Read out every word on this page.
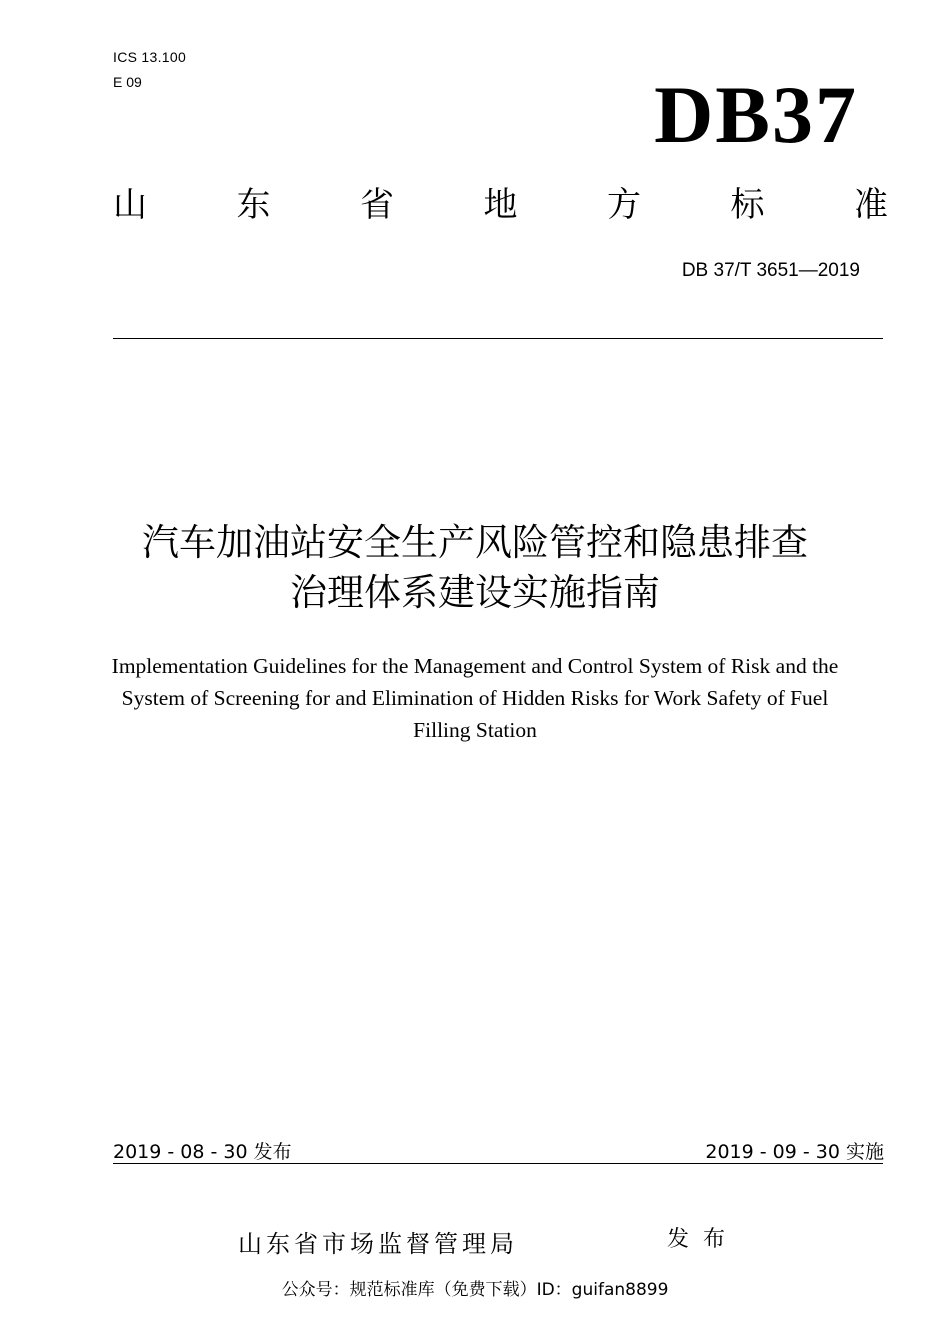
ICS 13.100
E 09	DB37
山	东	省	地	方	标	准
DB 37/T 3651—2019
汽车加油站安全生产风险管控和隐患排查
治理体系建设实施指南
Implementation Guidelines for the Management and Control System of Risk and the
System of Screening for and Elimination of Hidden Risks for Work Safety of Fuel
Filling Station
2019 - 08 - 30 发布	2019 - 09 - 30 实施
山东省市场监督管理局	发布
公众号：规范标准库（免费下载）ID：guifan8899
